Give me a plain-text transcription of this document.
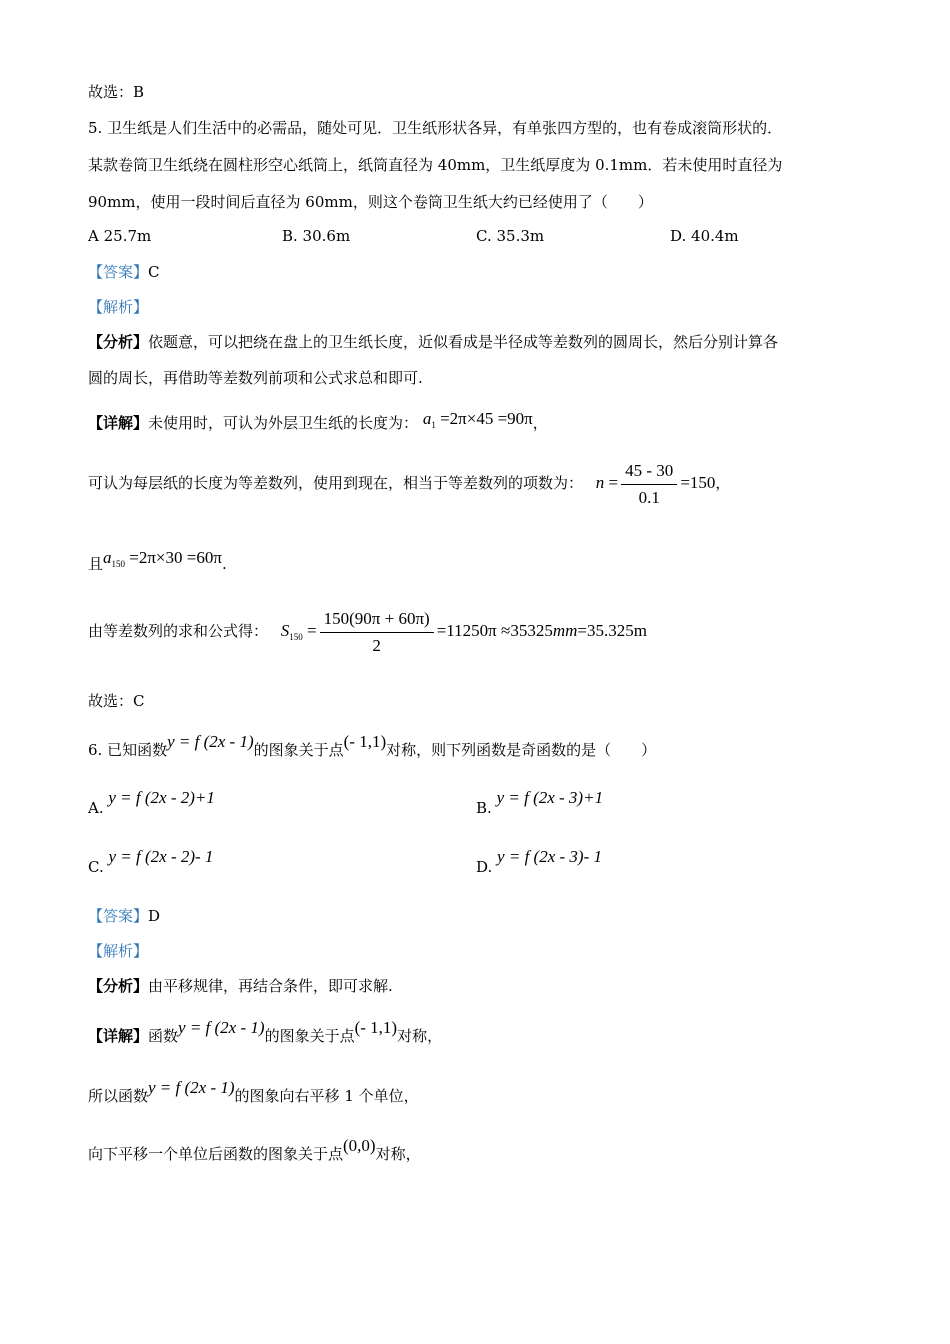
故选：B
5. 卫生纸是人们生活中的必需品，随处可见．卫生纸形状各异，有单张四方型的，也有卷成滚筒形状的．
某款卷筒卫生纸绕在圆柱形空心纸筒上，纸筒直径为 40mm，卫生纸厚度为 0.1mm．若未使用时直径为
90mm，使用一段时间后直径为 60mm，则这个卷筒卫生纸大约已经使用了（　　）
A 25.7m	B. 30.6m	C. 35.3m	D. 40.4m
【答案】C
【解析】
【分析】依题意，可以把绕在盘上的卫生纸长度，近似看成是半径成等差数列的圆周长，然后分别计算各
圆的周长，再借助等差数列前项和公式求总和即可.
【详解】未使用时，可认为外层卫生纸的长度为： $a_1 =2\pi\times 45 =90\pi$，
可认为每层纸的长度为等差数列，使用到现在，相当于等差数列的项数为： $n = \frac{45 - 30}{0.1} =150$，
且$a_{150} =2\pi\times 30 =60\pi$.
由等差数列的求和公式得： $S_{150} = \frac{150(90\pi + 60\pi)}{2} =11250\pi \approx 35325mm=35.325m$
故选：C
6. 已知函数y = f (2x - 1)的图象关于点(- 1,1)对称，则下列函数是奇函数的是（　　）
A. y = f (2x - 2)+1
B. y = f (2x - 3)+1
C. y = f (2x - 2)- 1
D. y = f (2x - 3)- 1
【答案】D
【解析】
【分析】由平移规律，再结合条件，即可求解.
【详解】函数y = f (2x - 1)的图象关于点(- 1,1)对称，
所以函数y = f (2x - 1)的图象向右平移 1 个单位，
向下平移一个单位后函数的图象关于点(0,0)对称，
